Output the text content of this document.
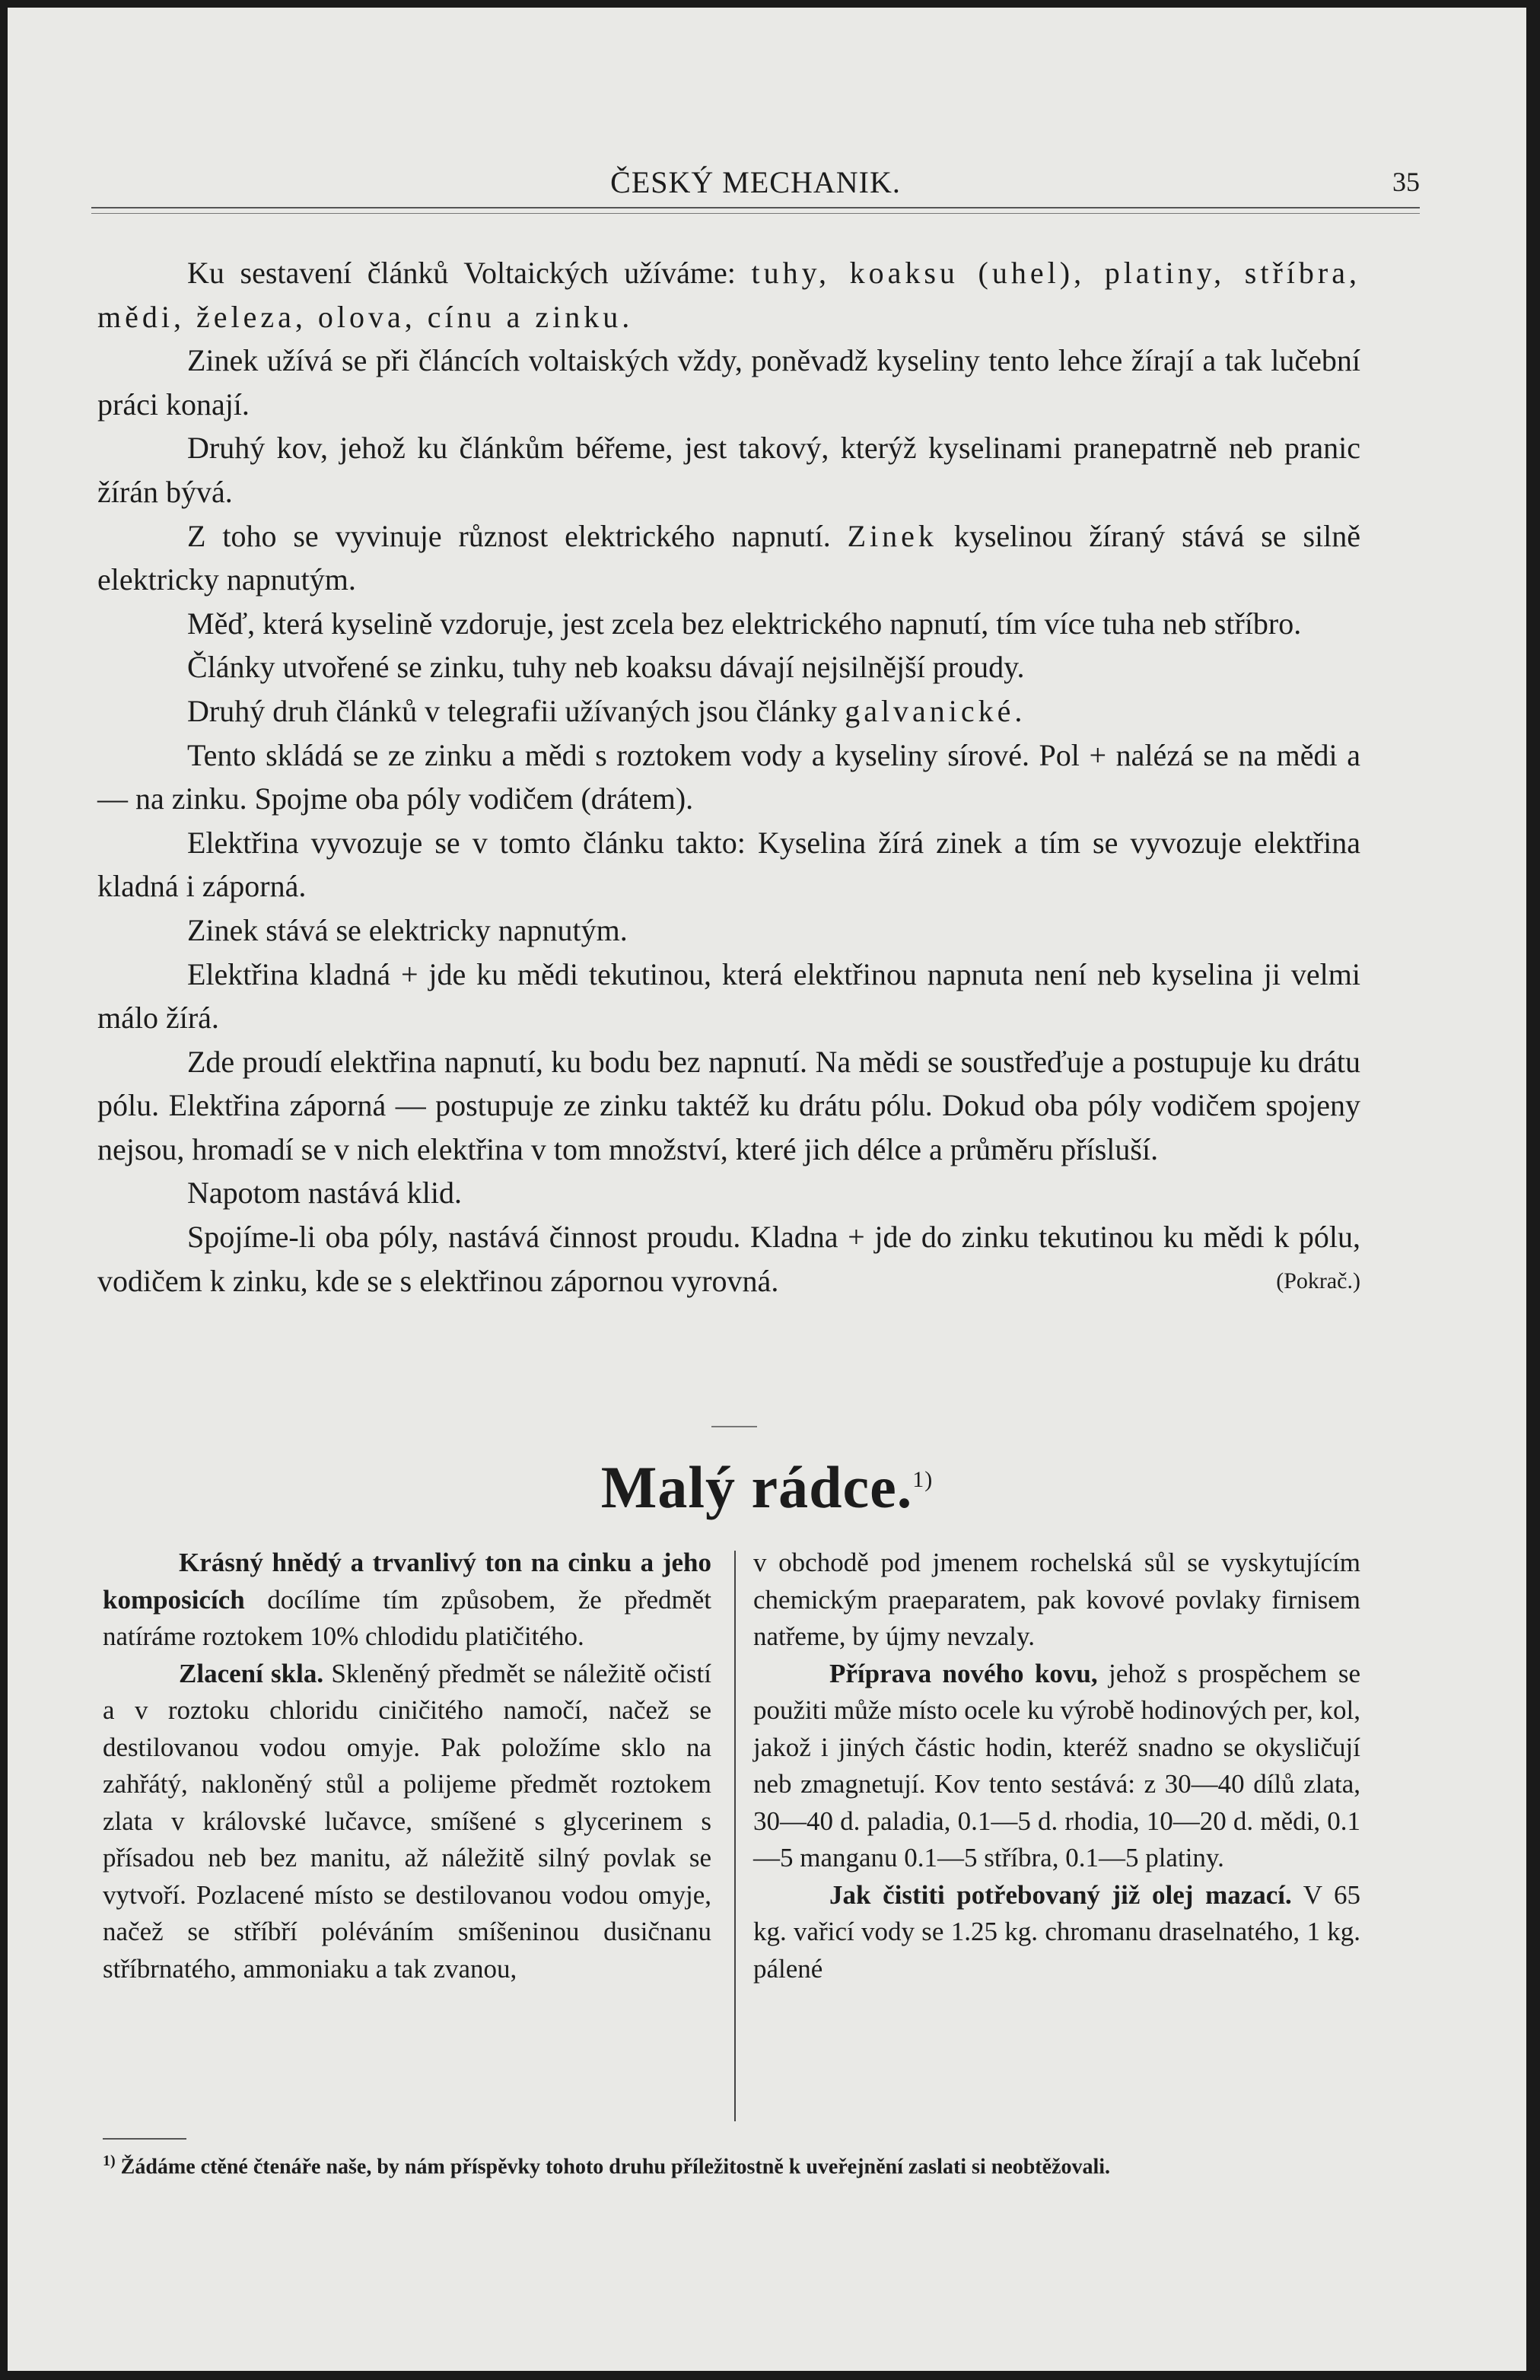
ČESKÝ MECHANIK.	35

Ku sestavení článků Voltaických užíváme: tuhy, koaksu (uhel), platiny, stříbra, mědi, železa, olova, cínu a zinku.

Zinek užívá se při článcích voltaiských vždy, poněvadž kyseliny tento lehce žírají a tak lučební práci konají.

Druhý kov, jehož ku článkům béřeme, jest takový, kterýž kyselinami pranepatrně neb pranic žírán bývá.

Z toho se vyvinuje různost elektrického napnutí. Zinek kyselinou žíraný stává se silně elektricky napnutým.

Měď, která kyselině vzdoruje, jest zcela bez elektrického napnutí, tím více tuha neb stříbro.

Články utvořené se zinku, tuhy neb koaksu dávají nejsilnější proudy.

Druhý druh článků v telegrafii užívaných jsou články galvanické.

Tento skládá se ze zinku a mědi s roztokem vody a kyseliny sírové. Pol + nalézá se na mědi a — na zinku. Spojme oba póly vodičem (drátem).

Elektřina vyvozuje se v tomto článku takto: Kyselina žírá zinek a tím se vyvozuje elektřina kladná i záporná.

Zinek stává se elektricky napnutým.

Elektřina kladná + jde ku mědi tekutinou, která elektřinou napnuta není neb kyselina ji velmi málo žírá.

Zde proudí elektřina napnutí, ku bodu bez napnutí. Na mědi se soustřeďuje a postupuje ku drátu pólu. Elektřina záporná — postupuje ze zinku taktéž ku drátu pólu. Dokud oba póly vodičem spojeny nejsou, hromadí se v nich elektřina v tom množství, které jich délce a průměru přísluší.

Napotom nastává klid.

Spojíme-li oba póly, nastává činnost proudu. Kladna + jde do zinku tekutinou ku mědi k pólu, vodičem k zinku, kde se s elektřinou zápornou vyrovná.	(Pokrač.)

Malý rádce.$^{1)}$

Krásný hnědý a trvanlivý ton na cinku a jeho komposicích docílíme tím způsobem, že předmět natíráme roztokem 10% chlodidu platičitého.

Zlacení skla. Skleněný předmět se náležitě očistí a v roztoku chloridu ciničitého namočí, načež se destilovanou vodou omyje. Pak položíme sklo na zahřátý, nakloněný stůl a polijeme předmět roztokem zlata v královské lučavce, smíšené s glycerinem s přísadou neb bez manitu, až náležitě silný povlak se vytvoří. Pozlacené místo se destilovanou vodou omyje, načež se stříbří poléváním smíšeninou dusičnanu stříbrnatého, ammoniaku a tak zvanou,

v obchodě pod jmenem rochelská sůl se vyskytujícím chemickým praeparatem, pak kovové povlaky firnisem natřeme, by újmy nevzaly.

Příprava nového kovu, jehož s prospěchem se použiti může místo ocele ku výrobě hodinových per, kol, jakož i jiných částic hodin, kteréž snadno se okysličují neb zmagnetují. Kov tento sestává: z 30—40 dílů zlata, 30—40 d. paladia, 0.1—5 d. rhodia, 10—20 d. mědi, 0.1—5 manganu 0.1—5 stříbra, 0.1—5 platiny.

Jak čistiti potřebovaný již olej mazací. V 65 kg. vařicí vody se 1.25 kg. chromanu draselnatého, 1 kg. pálené

$^{1)}$ Žádáme ctěné čtenáře naše, by nám příspěvky tohoto druhu příležitostně k uveřejnění zaslati si neobtěžovali.
